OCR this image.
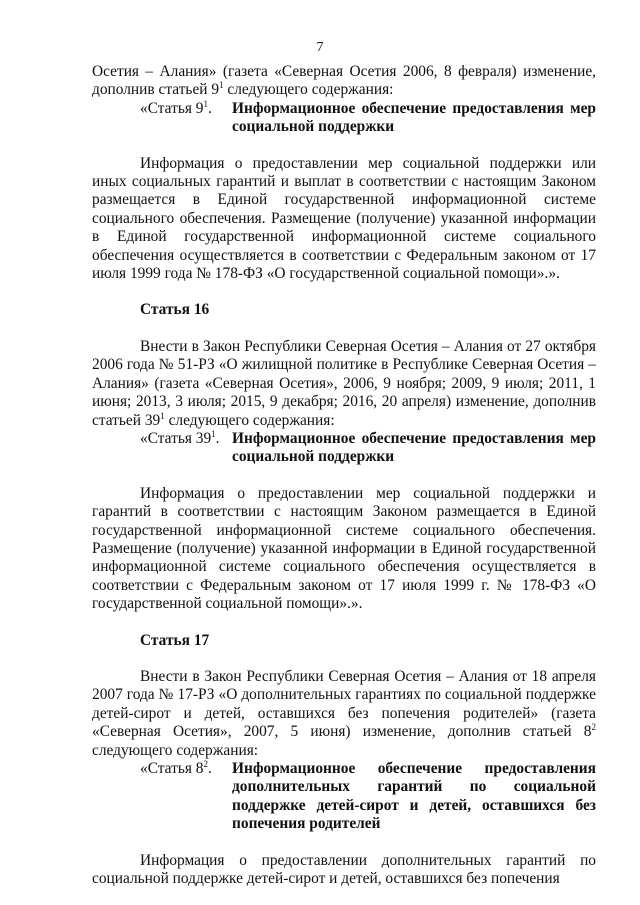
7

Осетия – Алания» (газета «Северная Осетия 2006, 8 февраля) изменение, дополнив статьей $9^1$ следующего содержания:

«Статья $9^1$.	Информационное обеспечение предоставления мер социальной поддержки

Информация о предоставлении мер социальной поддержки или иных социальных гарантий и выплат в соответствии с настоящим Законом размещается в Единой государственной информационной системе социального обеспечения. Размещение (получение) указанной информации в Единой государственной информационной системе социального обеспечения осуществляется в соответствии с Федеральным законом от 17 июля 1999 года № 178-ФЗ «О государственной социальной помощи».».

Статья 16

Внести в Закон Республики Северная Осетия – Алания от 27 октября 2006 года № 51-РЗ «О жилищной политике в Республике Северная Осетия – Алания» (газета «Северная Осетия», 2006, 9 ноября; 2009, 9 июля; 2011, 1 июня; 2013, 3 июля; 2015, 9 декабря; 2016, 20 апреля) изменение, дополнив статьей $39^1$ следующего содержания:

«Статья $39^1$. Информационное обеспечение предоставления мер социальной поддержки

Информация о предоставлении мер социальной поддержки и гарантий в соответствии с настоящим Законом размещается в Единой государственной информационной системе социального обеспечения. Размещение (получение) указанной информации в Единой государственной информационной системе социального обеспечения осуществляется в соответствии с Федеральным законом от 17 июля 1999 г. № 178-ФЗ «О государственной социальной помощи».».

Статья 17

Внести в Закон Республики Северная Осетия – Алания от 18 апреля 2007 года № 17-РЗ «О дополнительных гарантиях по социальной поддержке детей-сирот и детей, оставшихся без попечения родителей» (газета «Северная Осетия», 2007, 5 июня) изменение, дополнив статьей $8^2$ следующего содержания:

«Статья $8^2$.	Информационное обеспечение предоставления дополнительных гарантий по социальной поддержке детей-сирот и детей, оставшихся без попечения родителей

Информация о предоставлении дополнительных гарантий по социальной поддержке детей-сирот и детей, оставшихся без попечения
